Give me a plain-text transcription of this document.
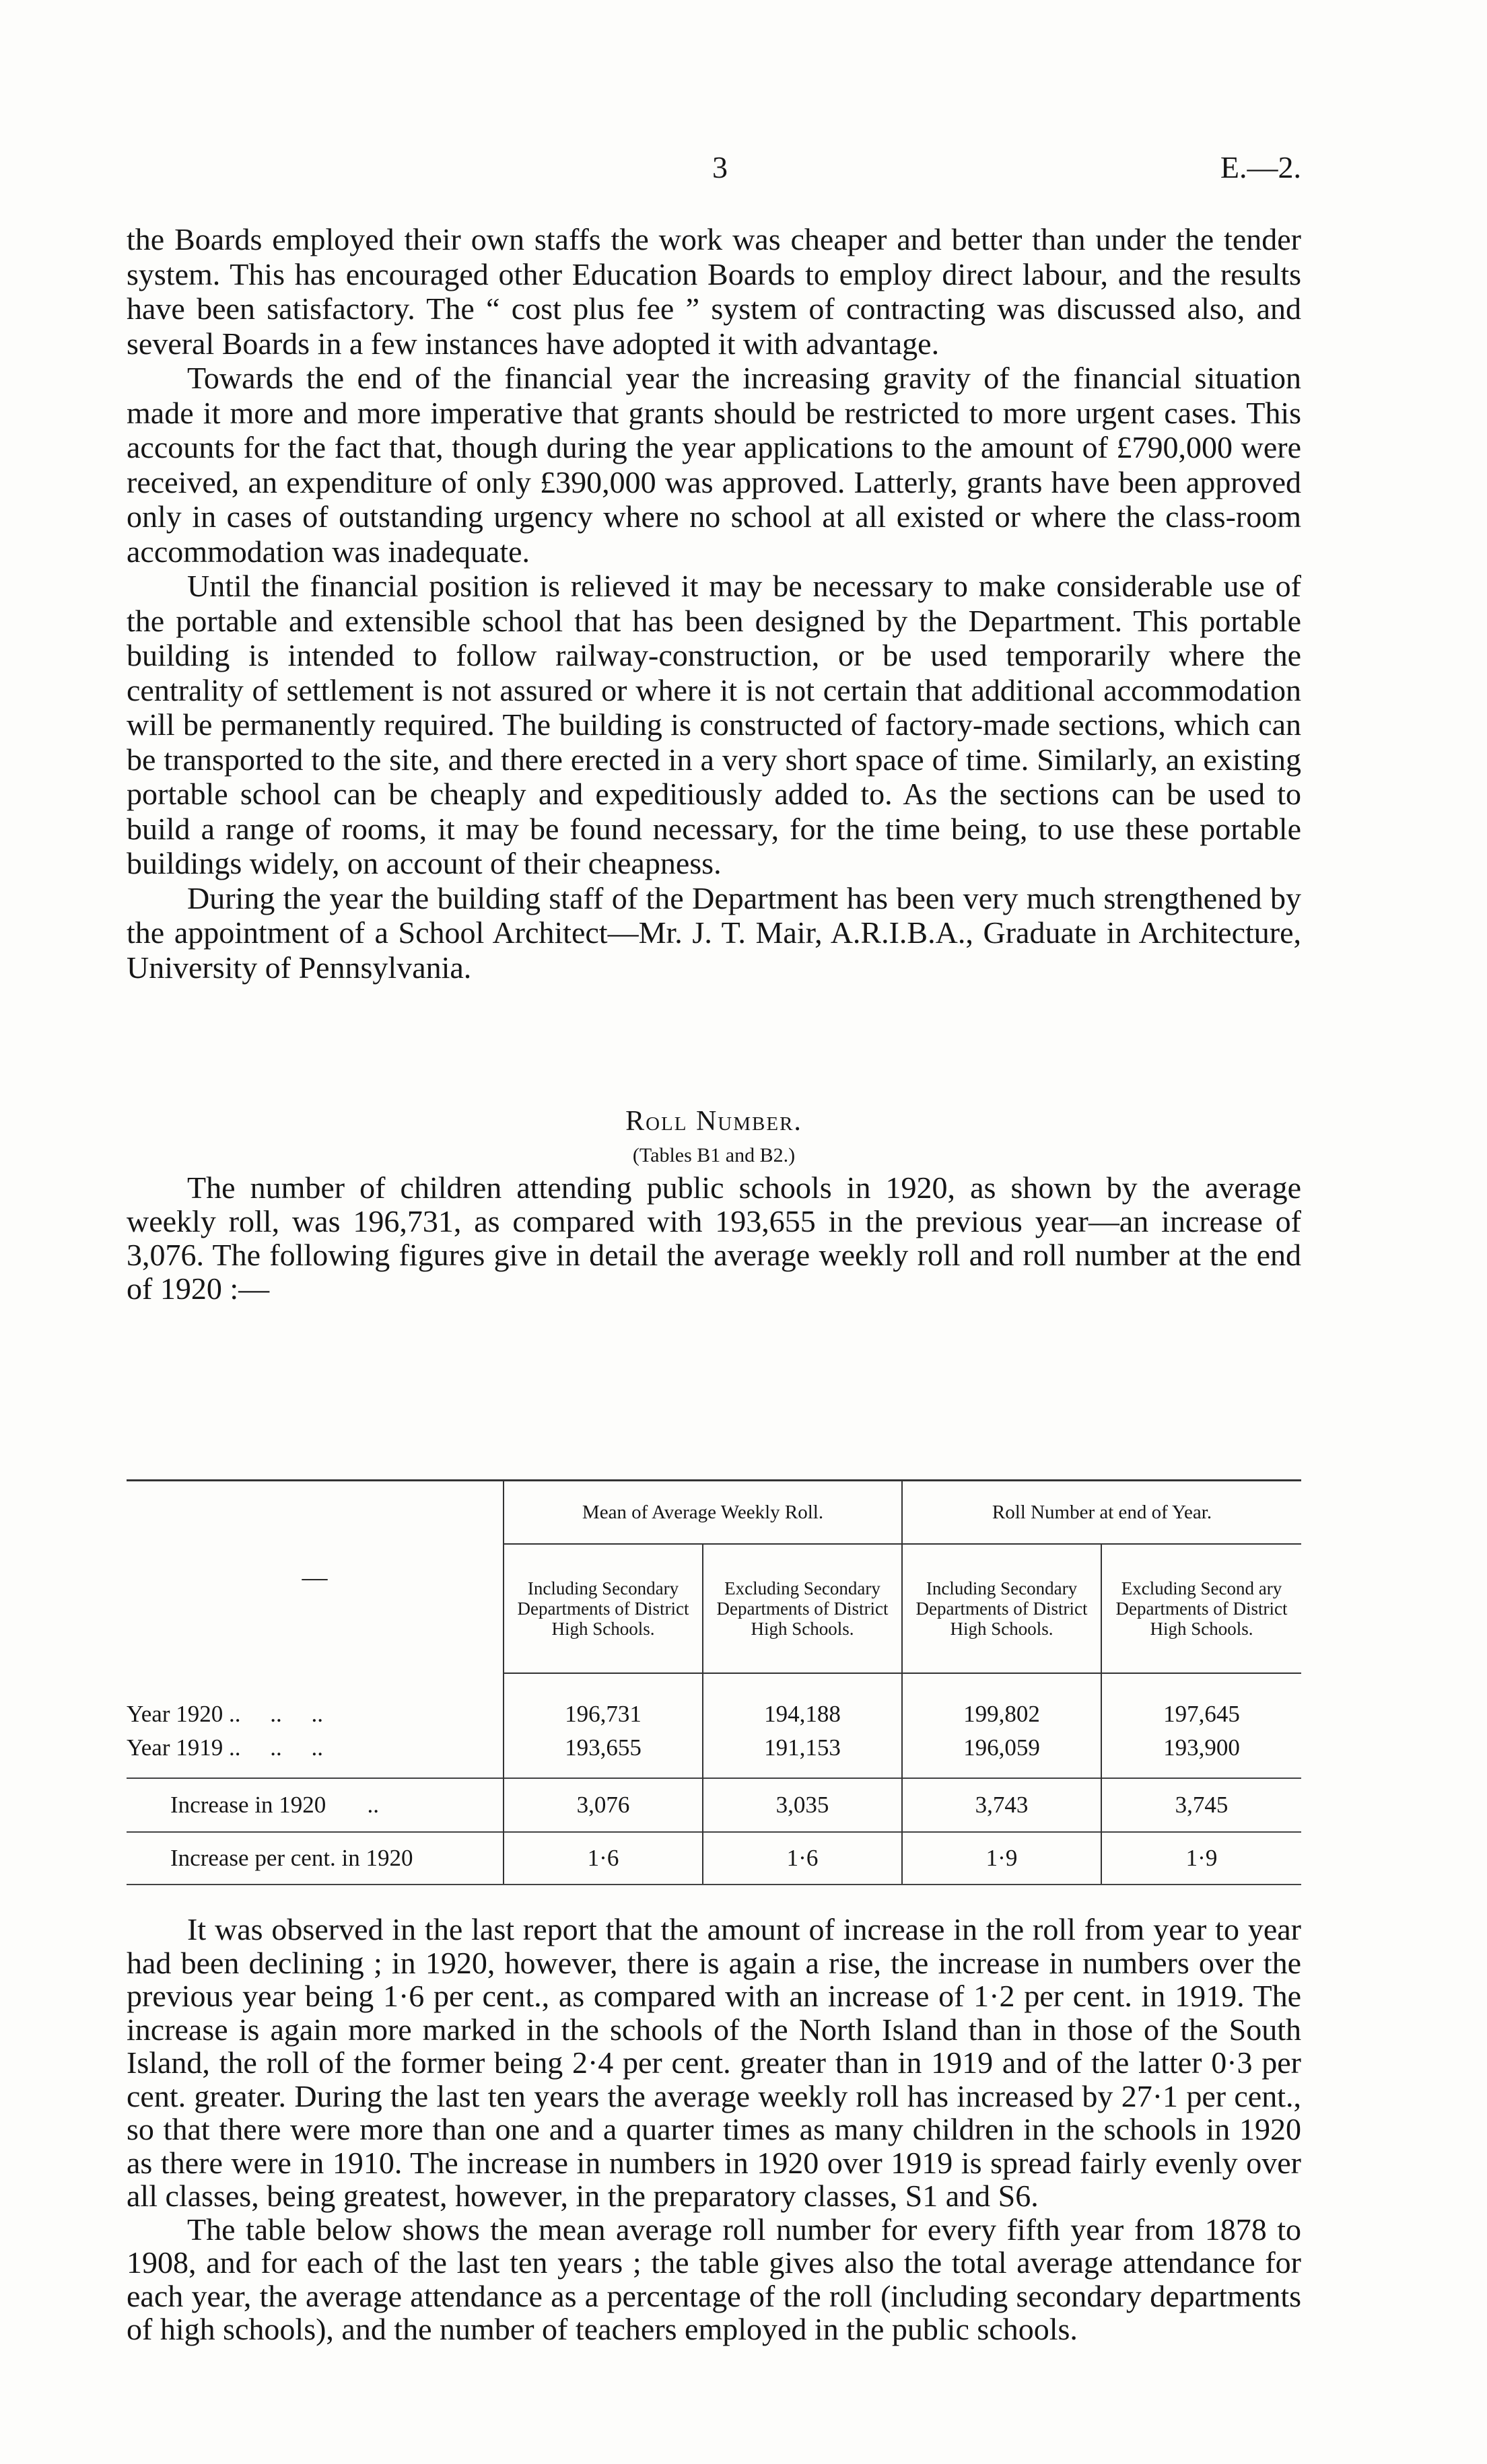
3	E.—2.

the Boards employed their own staffs the work was cheaper and better than under the tender system. This has encouraged other Education Boards to employ direct labour, and the results have been satisfactory. The “ cost plus fee ” system of contracting was discussed also, and several Boards in a few instances have adopted it with advantage.

Towards the end of the financial year the increasing gravity of the financial situation made it more and more imperative that grants should be restricted to more urgent cases. This accounts for the fact that, though during the year applications to the amount of £790,000 were received, an expenditure of only £390,000 was approved. Latterly, grants have been approved only in cases of outstanding urgency where no school at all existed or where the class-room accommodation was inadequate.

Until the financial position is relieved it may be necessary to make considerable use of the portable and extensible school that has been designed by the Department. This portable building is intended to follow railway-construction, or be used temporarily where the centrality of settlement is not assured or where it is not certain that additional accommodation will be permanently required. The building is constructed of factory-made sections, which can be transported to the site, and there erected in a very short space of time. Similarly, an existing portable school can be cheaply and expeditiously added to. As the sections can be used to build a range of rooms, it may be found necessary, for the time being, to use these portable buildings widely, on account of their cheapness.

During the year the building staff of the Department has been very much strengthened by the appointment of a School Architect—Mr. J. T. Mair, A.R.I.B.A., Graduate in Architecture, University of Pennsylvania.

Roll Number.
(Tables B1 and B2.)

The number of children attending public schools in 1920, as shown by the average weekly roll, was 196,731, as compared with 193,655 in the previous year—an increase of 3,076. The following figures give in detail the average weekly roll and roll number at the end of 1920 :—

—	Mean of Average Weekly Roll.		Roll Number at end of Year.	
	Including Secondary Departments of District High Schools.	Excluding Secondary Departments of District High Schools.	Including Secondary Departments of District High Schools.	Excluding Second ary Departments of District High Schools.

Year 1920 ..     ..     ..	196,731	194,188	199,802	197,645
Year 1919 ..     ..     ..	193,655	191,153	196,059	193,900

Increase in 1920       ..	3,076	3,035	3,743	3,745
Increase per cent. in 1920	1·6	1·6	1·9	1·9

It was observed in the last report that the amount of increase in the roll from year to year had been declining ; in 1920, however, there is again a rise, the increase in numbers over the previous year being 1·6 per cent., as compared with an increase of 1·2 per cent. in 1919. The increase is again more marked in the schools of the North Island than in those of the South Island, the roll of the former being 2·4 per cent. greater than in 1919 and of the latter 0·3 per cent. greater. During the last ten years the average weekly roll has increased by 27·1 per cent., so that there were more than one and a quarter times as many children in the schools in 1920 as there were in 1910. The increase in numbers in 1920 over 1919 is spread fairly evenly over all classes, being greatest, however, in the preparatory classes, S1 and S6.

The table below shows the mean average roll number for every fifth year from 1878 to 1908, and for each of the last ten years ; the table gives also the total average attendance for each year, the average attendance as a percentage of the roll (including secondary departments of high schools), and the number of teachers employed in the public schools.
